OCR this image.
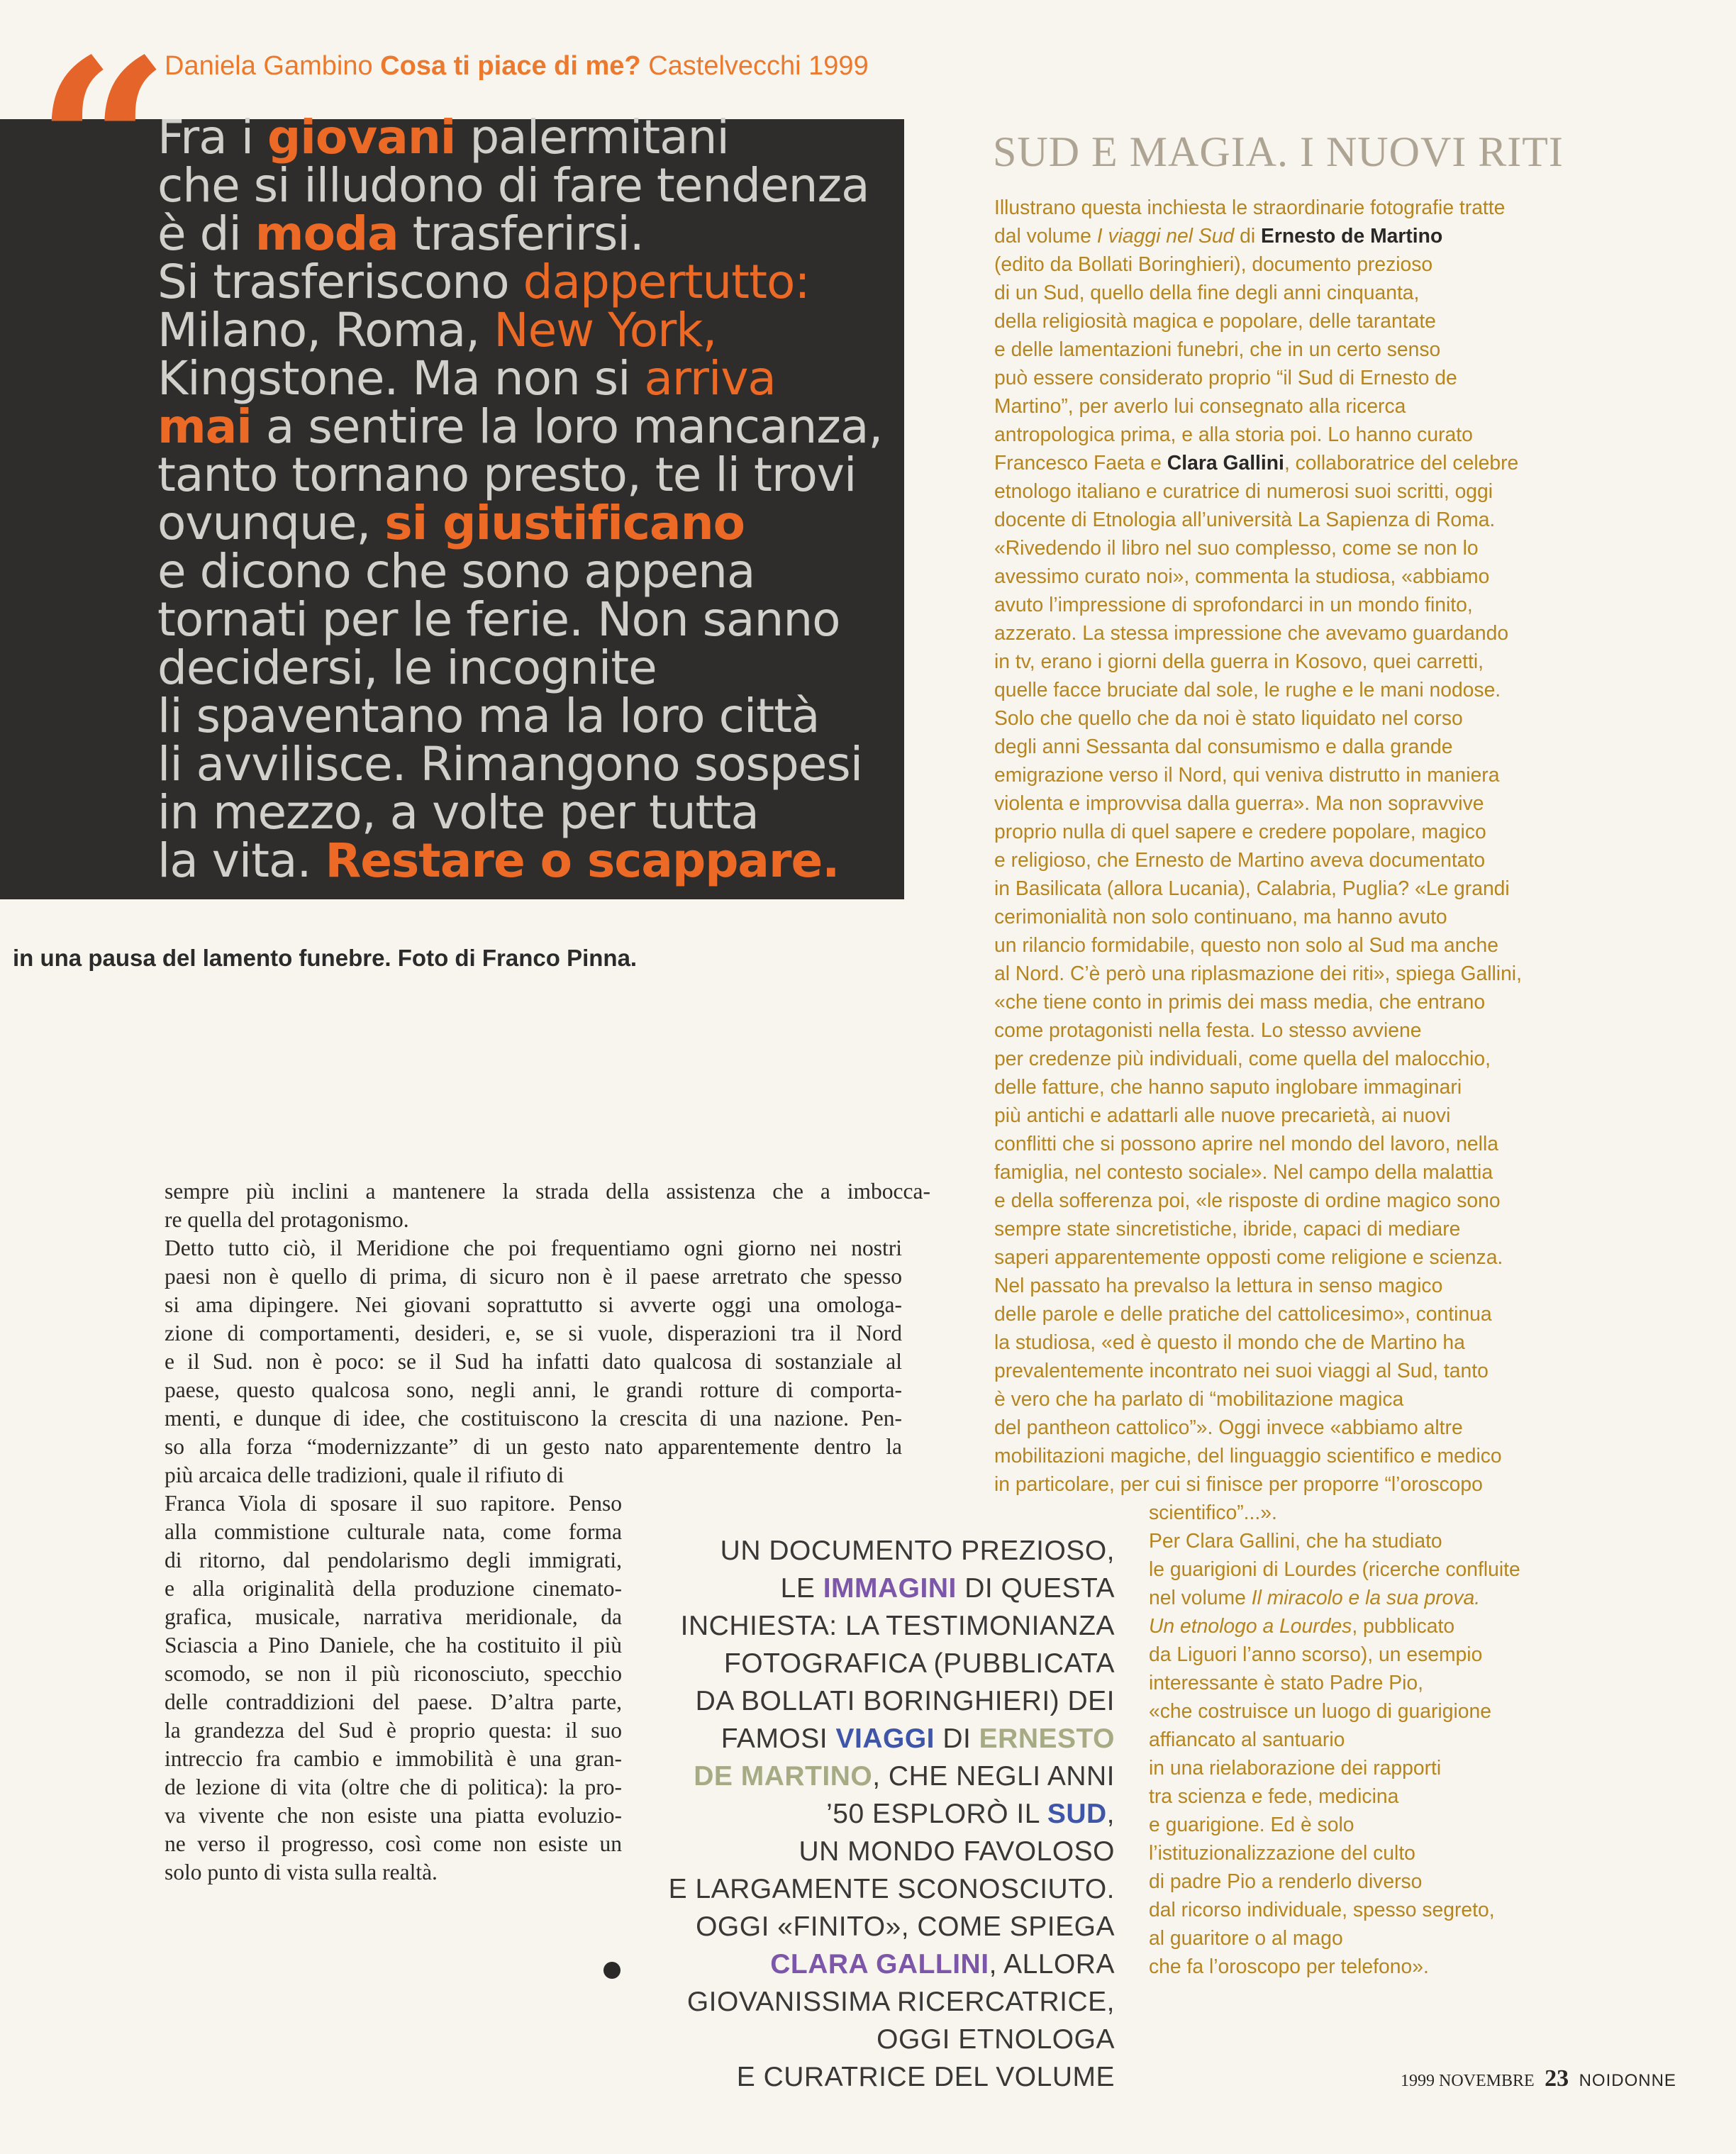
“ Daniela Gambino Cosa ti piace di me? Castelvecchi 1999
Fra i giovani palermitani
che si illudono di fare tendenza
è di moda trasferirsi.
Si trasferiscono dappertutto:
Milano, Roma, New York,
Kingstone. Ma non si arriva
mai a sentire la loro mancanza,
tanto tornano presto, te li trovi
ovunque, si giustificano
e dicono che sono appena
tornati per le ferie. Non sanno
decidersi, le incognite
li spaventano ma la loro città
li avvilisce. Rimangono sospesi
in mezzo, a volte per tutta
la vita. Restare o scappare.
in una pausa del lamento funebre. Foto di Franco Pinna.
SUD E MAGIA. I NUOVI RITI
Illustrano questa inchiesta le straordinarie fotografie tratte
dal volume I viaggi nel Sud di Ernesto de Martino
(edito da Bollati Boringhieri), documento prezioso
di un Sud, quello della fine degli anni cinquanta,
della religiosità magica e popolare, delle tarantate
e delle lamentazioni funebri, che in un certo senso
può essere considerato proprio “il Sud di Ernesto de
Martino”, per averlo lui consegnato alla ricerca
antropologica prima, e alla storia poi. Lo hanno curato
Francesco Faeta e Clara Gallini, collaboratrice del celebre
etnologo italiano e curatrice di numerosi suoi scritti, oggi
docente di Etnologia all’università La Sapienza di Roma.
«Rivedendo il libro nel suo complesso, come se non lo
avessimo curato noi», commenta la studiosa, «abbiamo
avuto l’impressione di sprofondarci in un mondo finito,
azzerato. La stessa impressione che avevamo guardando
in tv, erano i giorni della guerra in Kosovo, quei carretti,
quelle facce bruciate dal sole, le rughe e le mani nodose.
Solo che quello che da noi è stato liquidato nel corso
degli anni Sessanta dal consumismo e dalla grande
emigrazione verso il Nord, qui veniva distrutto in maniera
violenta e improvvisa dalla guerra». Ma non sopravvive
proprio nulla di quel sapere e credere popolare, magico
e religioso, che Ernesto de Martino aveva documentato
in Basilicata (allora Lucania), Calabria, Puglia? «Le grandi
cerimonialità non solo continuano, ma hanno avuto
un rilancio formidabile, questo non solo al Sud ma anche
al Nord. C’è però una riplasmazione dei riti», spiega Gallini,
«che tiene conto in primis dei mass media, che entrano
come protagonisti nella festa. Lo stesso avviene
per credenze più individuali, come quella del malocchio,
delle fatture, che hanno saputo inglobare immaginari
più antichi e adattarli alle nuove precarietà, ai nuovi
conflitti che si possono aprire nel mondo del lavoro, nella
famiglia, nel contesto sociale». Nel campo della malattia
e della sofferenza poi, «le risposte di ordine magico sono
sempre state sincretistiche, ibride, capaci di mediare
saperi apparentemente opposti come religione e scienza.
Nel passato ha prevalso la lettura in senso magico
delle parole e delle pratiche del cattolicesimo», continua
la studiosa, «ed è questo il mondo che de Martino ha
prevalentemente incontrato nei suoi viaggi al Sud, tanto
è vero che ha parlato di “mobilitazione magica
del pantheon cattolico”». Oggi invece «abbiamo altre
mobilitazioni magiche, del linguaggio scientifico e medico
in particolare, per cui si finisce per proporre “l’oroscopo
scientifico”...».
Per Clara Gallini, che ha studiato
le guarigioni di Lourdes (ricerche confluite
nel volume Il miracolo e la sua prova.
Un etnologo a Lourdes, pubblicato
da Liguori l’anno scorso), un esempio
interessante è stato Padre Pio,
«che costruisce un luogo di guarigione
affiancato al santuario
in una rielaborazione dei rapporti
tra scienza e fede, medicina
e guarigione. Ed è solo
l’istituzionalizzazione del culto
di padre Pio a renderlo diverso
dal ricorso individuale, spesso segreto,
al guaritore o al mago
che fa l’oroscopo per telefono».
sempre più inclini a mantenere la strada della assistenza che a imbocca-
re quella del protagonismo.
Detto tutto ciò, il Meridione che poi frequentiamo ogni giorno nei nostri
paesi non è quello di prima, di sicuro non è il paese arretrato che spesso
si ama dipingere. Nei giovani soprattutto si avverte oggi una omologa-
zione di comportamenti, desideri, e, se si vuole, disperazioni tra il Nord
e il Sud. non è poco: se il Sud ha infatti dato qualcosa di sostanziale al
paese, questo qualcosa sono, negli anni, le grandi rotture di comporta-
menti, e dunque di idee, che costituiscono la crescita di una nazione. Pen-
so alla forza “modernizzante” di un gesto nato apparentemente dentro la
più arcaica delle tradizioni, quale il rifiuto di
Franca Viola di sposare il suo rapitore. Penso
alla commistione culturale nata, come forma
di ritorno, dal pendolarismo degli immigrati,
e alla originalità della produzione cinemato-
grafica, musicale, narrativa meridionale, da
Sciascia a Pino Daniele, che ha costituito il più
scomodo, se non il più riconosciuto, specchio
delle contraddizioni del paese. D’altra parte,
la grandezza del Sud è proprio questa: il suo
intreccio fra cambio e immobilità è una gran-
de lezione di vita (oltre che di politica): la pro-
va vivente che non esiste una piatta evoluzio-
ne verso il progresso, così come non esiste un
solo punto di vista sulla realtà.
UN DOCUMENTO PREZIOSO,
LE IMMAGINI DI QUESTA
INCHIESTA: LA TESTIMONIANZA
FOTOGRAFICA (PUBBLICATA
DA BOLLATI BORINGHIERI) DEI
FAMOSI VIAGGI DI ERNESTO
DE MARTINO, CHE NEGLI ANNI
’50 ESPLORÒ IL SUD,
UN MONDO FAVOLOSO
E LARGAMENTE SCONOSCIUTO.
OGGI «FINITO», COME SPIEGA
CLARA GALLINI, ALLORA
GIOVANISSIMA RICERCATRICE,
OGGI ETNOLOGA
E CURATRICE DEL VOLUME	1999 NOVEMBRE 23 NOIDONNE
